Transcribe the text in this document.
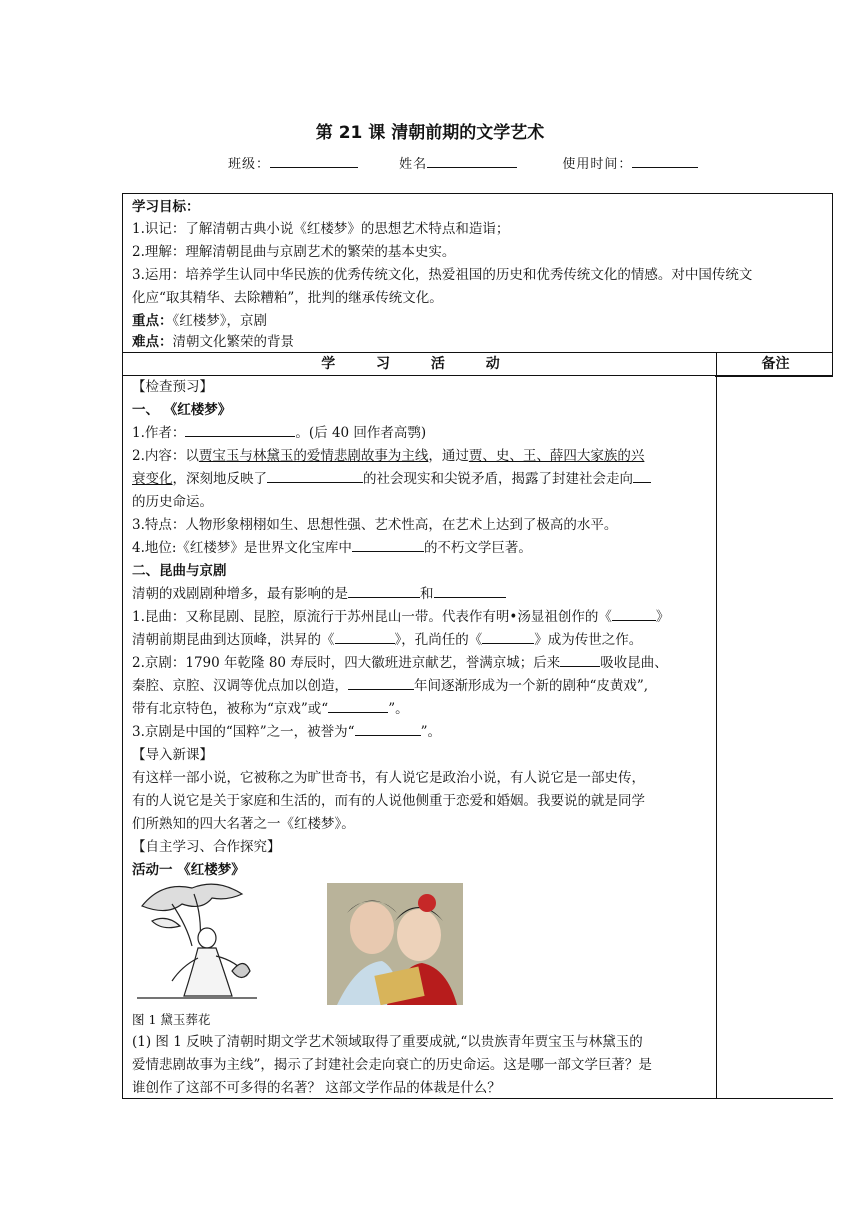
第 21 课 清朝前期的文学艺术
班级：	姓名	使用时间：

学习目标：

1.识记：了解清朝古典小说《红楼梦》的思想艺术特点和造诣；

2.理解：理解清朝昆曲与京剧艺术的繁荣的基本史实。

3.运用：培养学生认同中华民族的优秀传统文化，热爱祖国的历史和优秀传统文化的情感。对中国传统文

化应“取其精华、去除糟粕”，批判的继承传统文化。

重点：《红楼梦》，京剧

难点：清朝文化繁荣的背景

学 习 活 动	备注
【检查预习】
一、 《红楼梦》
1.作者：	。(后 40 回作者高鹗)
2.内容：以贾宝玉与林黛玉的爱情悲剧故事为主线，通过贾、史、王、薛四大家族的兴
衰变化，深刻地反映了	的社会现实和尖锐矛盾，揭露了封建社会走向
的历史命运。
3.特点：人物形象栩栩如生、思想性强、艺术性高，在艺术上达到了极高的水平。
4.地位:《红楼梦》是世界文化宝库中	的不朽文学巨著。
二、昆曲与京剧
清朝的戏剧剧种增多，最有影响的是	和
1.昆曲：又称昆剧、昆腔，原流行于苏州昆山一带。代表作有明•汤显祖创作的《	》
清朝前期昆曲到达顶峰，洪昇的《	》，孔尚任的《	》成为传世之作。
2.京剧：1790 年乾隆 80 寿辰时，四大徽班进京献艺，誉满京城；后来	吸收昆曲、
秦腔、京腔、汉调等优点加以创造，	年间逐渐形成为一个新的剧种“皮黄戏”,
带有北京特色，被称为“京戏”或“	”。
3.京剧是中国的“国粹”之一，被誉为“	”。
【导入新课】
有这样一部小说，它被称之为旷世奇书，有人说它是政治小说，有人说它是一部史传，
有的人说它是关于家庭和生活的，而有的人说他侧重于恋爱和婚姻。我要说的就是同学
们所熟知的四大名著之一《红楼梦》。
【自主学习、合作探究】
活动一 《红楼梦》
图 1 黛玉葬花
(1) 图 1 反映了清朝时期文学艺术领域取得了重要成就,“以贵族青年贾宝玉与林黛玉的
爱情悲剧故事为主线”，揭示了封建社会走向衰亡的历史命运。这是哪一部文学巨著？是
谁创作了这部不可多得的名著？ 这部文学作品的体裁是什么？
